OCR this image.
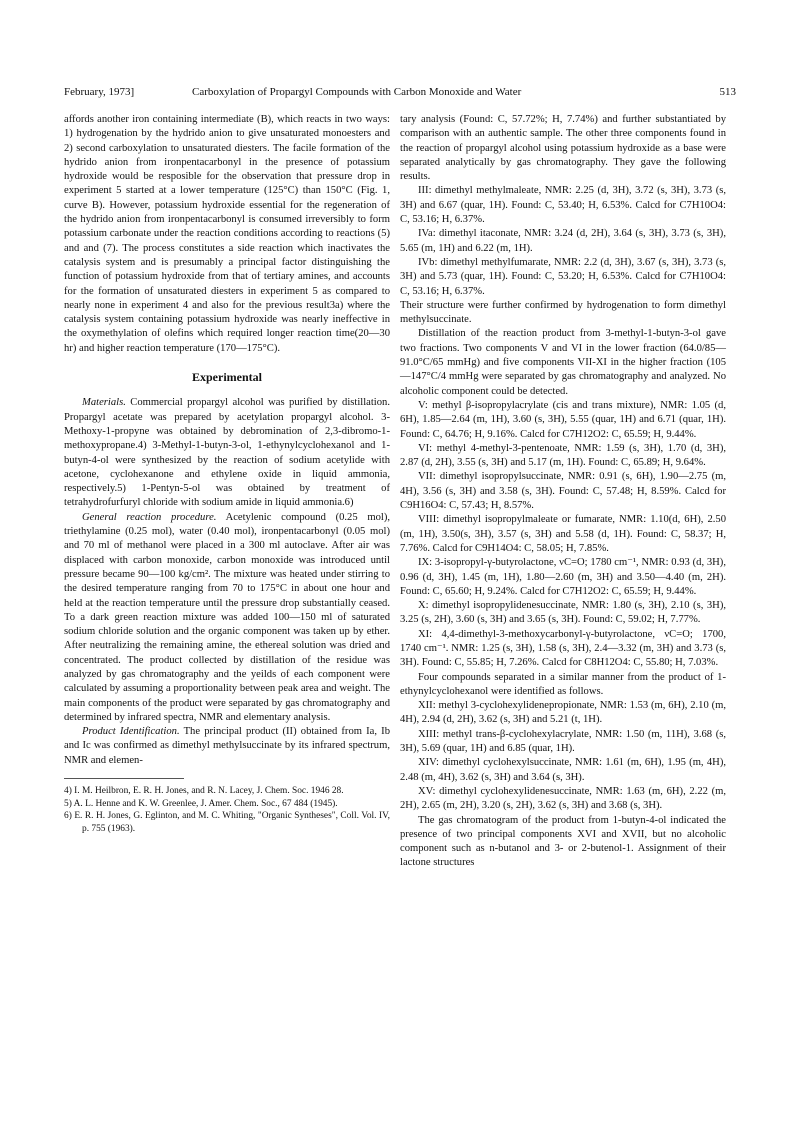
February, 1973]	Carboxylation of Propargyl Compounds with Carbon Monoxide and Water	513

affords another iron containing intermediate (B), which reacts in two ways: 1) hydrogenation by the hydrido anion to give unsaturated monoesters and 2) second carboxylation to unsaturated diesters. The facile formation of the hydrido anion from ironpentacarbonyl in the presence of potassium hydroxide would be resposible for the observation that pressure drop in experiment 5 started at a lower temperature (125°C) than 150°C (Fig. 1, curve B). However, potassium hydroxide essential for the regeneration of the hydrido anion from ironpentacarbonyl is consumed irreversibly to form potassium carbonate under the reaction conditions according to reactions (5) and and (7). The process constitutes a side reaction which inactivates the catalysis system and is presumably a principal factor distinguishing the function of potassium hydroxide from that of tertiary amines, and accounts for the formation of unsaturated diesters in experiment 5 as compared to nearly none in experiment 4 and also for the previous result3a) where the catalysis system containing potassium hydroxide was nearly ineffective in the oxymethylation of olefins which required longer reaction time(20—30 hr) and higher reaction temperature (170—175°C).

Experimental

Materials. Commercial propargyl alcohol was purified by distillation. Propargyl acetate was prepared by acetylation propargyl alcohol. 3-Methoxy-1-propyne was obtained by debromination of 2,3-dibromo-1-methoxypropane.4) 3-Methyl-1-butyn-3-ol, 1-ethynylcyclohexanol and 1-butyn-4-ol were synthesized by the reaction of sodium acetylide with acetone, cyclohexanone and ethylene oxide in liquid ammonia, respectively.5) 1-Pentyn-5-ol was obtained by treatment of tetrahydrofurfuryl chloride with sodium amide in liquid ammonia.6)

General reaction procedure. Acetylenic compound (0.25 mol), triethylamine (0.25 mol), water (0.40 mol), ironpentacarbonyl (0.05 mol) and 70 ml of methanol were placed in a 300 ml autoclave. After air was displaced with carbon monoxide, carbon monoxide was introduced until pressure became 90—100 kg/cm². The mixture was heated under stirring to the desired temperature ranging from 70 to 175°C in about one hour and held at the reaction temperature until the pressure drop substantially ceased. To a dark green reaction mixture was added 100—150 ml of saturated sodium chloride solution and the organic component was taken up by ether. After neutralizing the remaining amine, the ethereal solution was dried and concentrated. The product collected by distillation of the residue was analyzed by gas chromatography and the yeilds of each component were calculated by assuming a proportionality between peak area and weight. The main components of the product were separated by gas chromatography and determined by infrared spectra, NMR and elementary analysis.

Product Identification. The principal product (II) obtained from Ia, Ib and Ic was confirmed as dimethyl methylsuccinate by its infrared spectrum, NMR and elemen-

4) I. M. Heilbron, E. R. H. Jones, and R. N. Lacey, J. Chem. Soc. 1946 28.

5) A. L. Henne and K. W. Greenlee, J. Amer. Chem. Soc., 67 484 (1945).

6) E. R. H. Jones, G. Eglinton, and M. C. Whiting, "Organic Syntheses", Coll. Vol. IV, p. 755 (1963).

tary analysis (Found: C, 57.72%; H, 7.74%) and further substantiated by comparison with an authentic sample. The other three components found in the reaction of propargyl alcohol using potassium hydroxide as a base were separated analytically by gas chromatography. They gave the following results.

III: dimethyl methylmaleate, NMR: 2.25 (d, 3H), 3.72 (s, 3H), 3.73 (s, 3H) and 6.67 (quar, 1H). Found: C, 53.40; H, 6.53%. Calcd for C7H10O4: C, 53.16; H, 6.37%.

IVa: dimethyl itaconate, NMR: 3.24 (d, 2H), 3.64 (s, 3H), 3.73 (s, 3H), 5.65 (m, 1H) and 6.22 (m, 1H).

IVb: dimethyl methylfumarate, NMR: 2.2 (d, 3H), 3.67 (s, 3H), 3.73 (s, 3H) and 5.73 (quar, 1H). Found: C, 53.20; H, 6.53%. Calcd for C7H10O4: C, 53.16; H, 6.37%.

Their structure were further confirmed by hydrogenation to form dimethyl methylsuccinate.

Distillation of the reaction product from 3-methyl-1-butyn-3-ol gave two fractions. Two components V and VI in the lower fraction (64.0/85—91.0°C/65 mmHg) and five components VII-XI in the higher fraction (105—147°C/4 mmHg were separated by gas chromatography and analyzed. No alcoholic component could be detected.

V: methyl β-isopropylacrylate (cis and trans mixture), NMR: 1.05 (d, 6H), 1.85—2.64 (m, 1H), 3.60 (s, 3H), 5.55 (quar, 1H) and 6.71 (quar, 1H). Found: C, 64.76; H, 9.16%. Calcd for C7H12O2: C, 65.59; H, 9.44%.

VI: methyl 4-methyl-3-pentenoate, NMR: 1.59 (s, 3H), 1.70 (d, 3H), 2.87 (d, 2H), 3.55 (s, 3H) and 5.17 (m, 1H). Found: C, 65.89; H, 9.64%.

VII: dimethyl isopropylsuccinate, NMR: 0.91 (s, 6H), 1.90—2.75 (m, 4H), 3.56 (s, 3H) and 3.58 (s, 3H). Found: C, 57.48; H, 8.59%. Calcd for C9H16O4: C, 57.43; H, 8.57%.

VIII: dimethyl isopropylmaleate or fumarate, NMR: 1.10(d, 6H), 2.50 (m, 1H), 3.50(s, 3H), 3.57 (s, 3H) and 5.58 (d, 1H). Found: C, 58.37; H, 7.76%. Calcd for C9H14O4: C, 58.05; H, 7.85%.

IX: 3-isopropyl-γ-butyrolactone, νC=O; 1780 cm⁻¹, NMR: 0.93 (d, 3H), 0.96 (d, 3H), 1.45 (m, 1H), 1.80—2.60 (m, 3H) and 3.50—4.40 (m, 2H). Found: C, 65.60; H, 9.24%. Calcd for C7H12O2: C, 65.59; H, 9.44%.

X: dimethyl isopropylidenesuccinate, NMR: 1.80 (s, 3H), 2.10 (s, 3H), 3.25 (s, 2H), 3.60 (s, 3H) and 3.65 (s, 3H). Found: C, 59.02; H, 7.77%.

XI: 4,4-dimethyl-3-methoxycarbonyl-γ-butyrolactone, νC=O; 1700, 1740 cm⁻¹. NMR: 1.25 (s, 3H), 1.58 (s, 3H), 2.4—3.32 (m, 3H) and 3.73 (s, 3H). Found: C, 55.85; H, 7.26%. Calcd for C8H12O4: C, 55.80; H, 7.03%.

Four compounds separated in a similar manner from the product of 1-ethynylcyclohexanol were identified as follows.

XII: methyl 3-cyclohexylidenepropionate, NMR: 1.53 (m, 6H), 2.10 (m, 4H), 2.94 (d, 2H), 3.62 (s, 3H) and 5.21 (t, 1H).

XIII: methyl trans-β-cyclohexylacrylate, NMR: 1.50 (m, 11H), 3.68 (s, 3H), 5.69 (quar, 1H) and 6.85 (quar, 1H).

XIV: dimethyl cyclohexylsuccinate, NMR: 1.61 (m, 6H), 1.95 (m, 4H), 2.48 (m, 4H), 3.62 (s, 3H) and 3.64 (s, 3H).

XV: dimethyl cyclohexylidenesuccinate, NMR: 1.63 (m, 6H), 2.22 (m, 2H), 2.65 (m, 2H), 3.20 (s, 2H), 3.62 (s, 3H) and 3.68 (s, 3H).

The gas chromatogram of the product from 1-butyn-4-ol indicated the presence of two principal components XVI and XVII, but no alcoholic component such as n-butanol and 3- or 2-butenol-1. Assignment of their lactone structures
